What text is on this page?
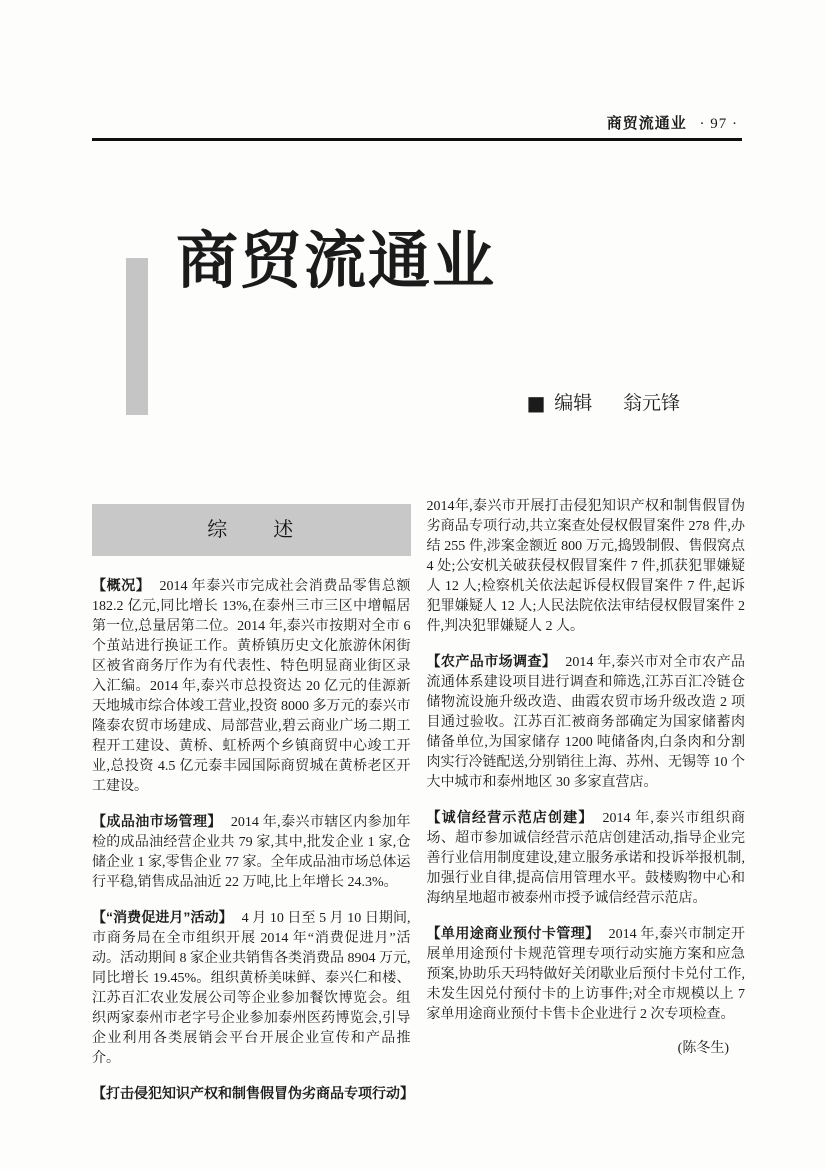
商贸流通业 · 97 ·
商贸流通业
■ 编辑 翁元锋
综　　述

【概况】 2014 年泰兴市完成社会消费品零售总额 182.2 亿元,同比增长 13%,在泰州三市三区中增幅居第一位,总量居第二位。2014 年,泰兴市按期对全市 6 个茧站进行换证工作。黄桥镇历史文化旅游休闲街区被省商务厅作为有代表性、特色明显商业街区录入汇编。2014 年,泰兴市总投资达 20 亿元的佳源新天地城市综合体竣工营业,投资 8000 多万元的泰兴市隆泰农贸市场建成、局部营业,碧云商业广场二期工程开工建设、黄桥、虹桥两个乡镇商贸中心竣工开业,总投资 4.5 亿元泰丰园国际商贸城在黄桥老区开工建设。

【成品油市场管理】 2014 年,泰兴市辖区内参加年检的成品油经营企业共 79 家,其中,批发企业 1 家,仓储企业 1 家,零售企业 77 家。全年成品油市场总体运行平稳,销售成品油近 22 万吨,比上年增长 24.3%。

【“消费促进月”活动】 4 月 10 日至 5 月 10 日期间,市商务局在全市组织开展 2014 年“消费促进月”活动。活动期间 8 家企业共销售各类消费品 8904 万元,同比增长 19.45%。组织黄桥美味鲜、泰兴仁和楼、江苏百汇农业发展公司等企业参加餐饮博览会。组织两家泰州市老字号企业参加泰州医药博览会,引导企业利用各类展销会平台开展企业宣传和产品推介。

【打击侵犯知识产权和制售假冒伪劣商品专项行动】

2014年,泰兴市开展打击侵犯知识产权和制售假冒伪劣商品专项行动,共立案查处侵权假冒案件 278 件,办结 255 件,涉案金额近 800 万元,捣毁制假、售假窝点 4 处;公安机关破获侵权假冒案件 7 件,抓获犯罪嫌疑人 12 人;检察机关依法起诉侵权假冒案件 7 件,起诉犯罪嫌疑人 12 人;人民法院依法审结侵权假冒案件 2 件,判决犯罪嫌疑人 2 人。

【农产品市场调查】 2014 年,泰兴市对全市农产品流通体系建设项目进行调查和筛选,江苏百汇冷链仓储物流设施升级改造、曲霞农贸市场升级改造 2 项目通过验收。江苏百汇被商务部确定为国家储蓄肉储备单位,为国家储存 1200 吨储备肉,白条肉和分割肉实行冷链配送,分别销往上海、苏州、无锡等 10 个大中城市和泰州地区 30 多家直营店。

【诚信经营示范店创建】 2014 年,泰兴市组织商场、超市参加诚信经营示范店创建活动,指导企业完善行业信用制度建设,建立服务承诺和投诉举报机制,加强行业自律,提高信用管理水平。鼓楼购物中心和海纳星地超市被泰州市授予诚信经营示范店。

【单用途商业预付卡管理】 2014 年,泰兴市制定开展单用途预付卡规范管理专项行动实施方案和应急预案,协助乐天玛特做好关闭歇业后预付卡兑付工作,未发生因兑付预付卡的上访事件;对全市规模以上 7 家单用途商业预付卡售卡企业进行 2 次专项检查。

(陈冬生)
